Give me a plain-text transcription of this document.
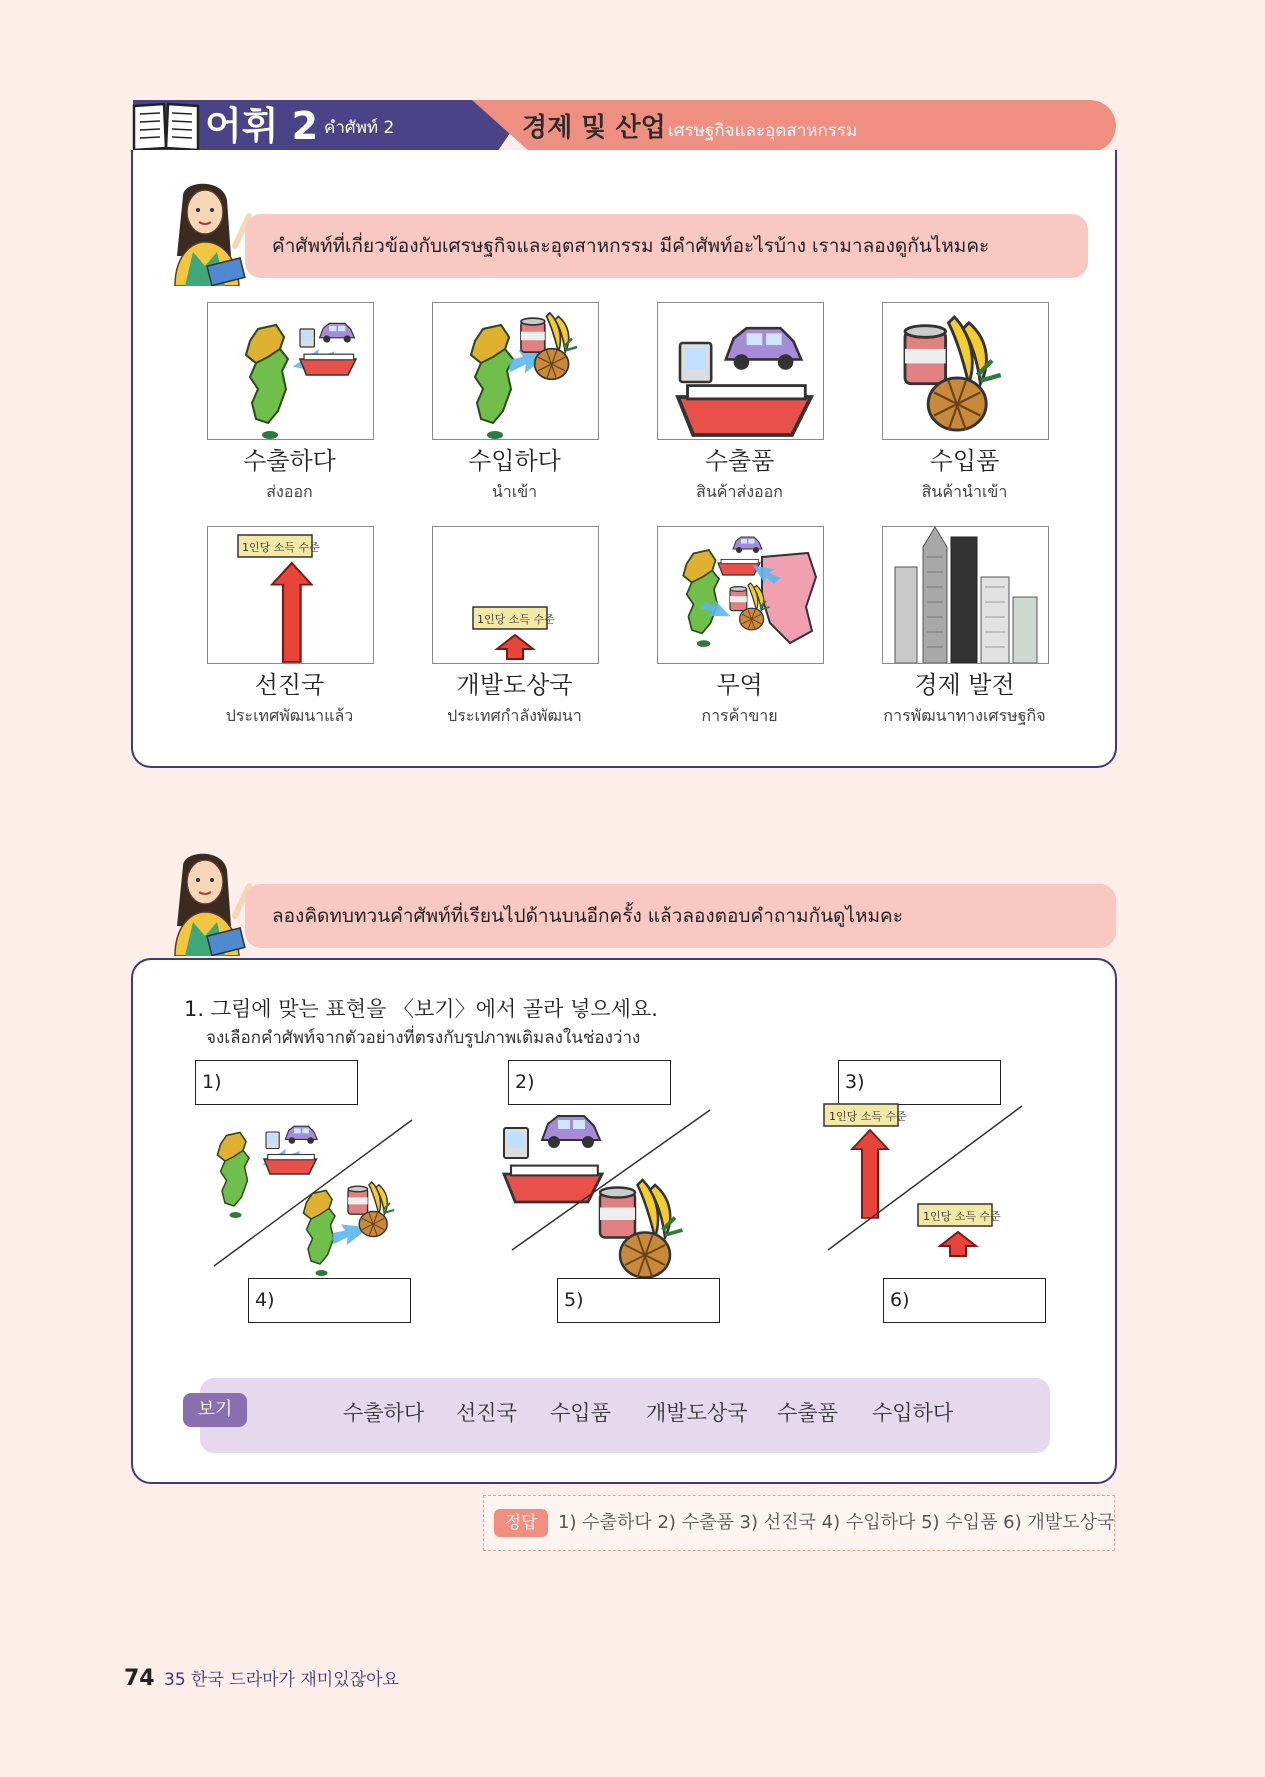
어휘 2 คำศัพท์ 2	경제 및 산업 เศรษฐกิจและอุตสาหกรรม
คำศัพท์ที่เกี่ยวข้องกับเศรษฐกิจและอุตสาหกรรม มีคำศัพท์อะไรบ้าง เรามาลองดูกันไหมคะ
수출하다
ส่งออก
수입하다
นำเข้า
수출품
สินค้าส่งออก
수입품
สินค้านำเข้า
1인당 소득 수준
1인당 소득 수준
선진국
ประเทศพัฒนาแล้ว
개발도상국
ประเทศกำลังพัฒนา
무역
การค้าขาย
경제 발전
การพัฒนาทางเศรษฐกิจ
ลองคิดทบทวนคำศัพท์ที่เรียนไปด้านบนอีกครั้ง แล้วลองตอบคำถามกันดูไหมคะ
1. 그림에 맞는 표현을 〈보기〉에서 골라 넣으세요.
จงเลือกคำศัพท์จากตัวอย่างที่ตรงกับรูปภาพเติมลงในช่องว่าง
1)	2)	3)
1인당 소득 수준
1인당 소득 수준
4)	5)	6)
보기	수출하다 선진국 수입품 개발도상국 수출품 수입하다
정답	1) 수출하다 2) 수출품 3) 선진국 4) 수입하다 5) 수입품 6) 개발도상국
74 35 한국 드라마가 재미있잖아요
